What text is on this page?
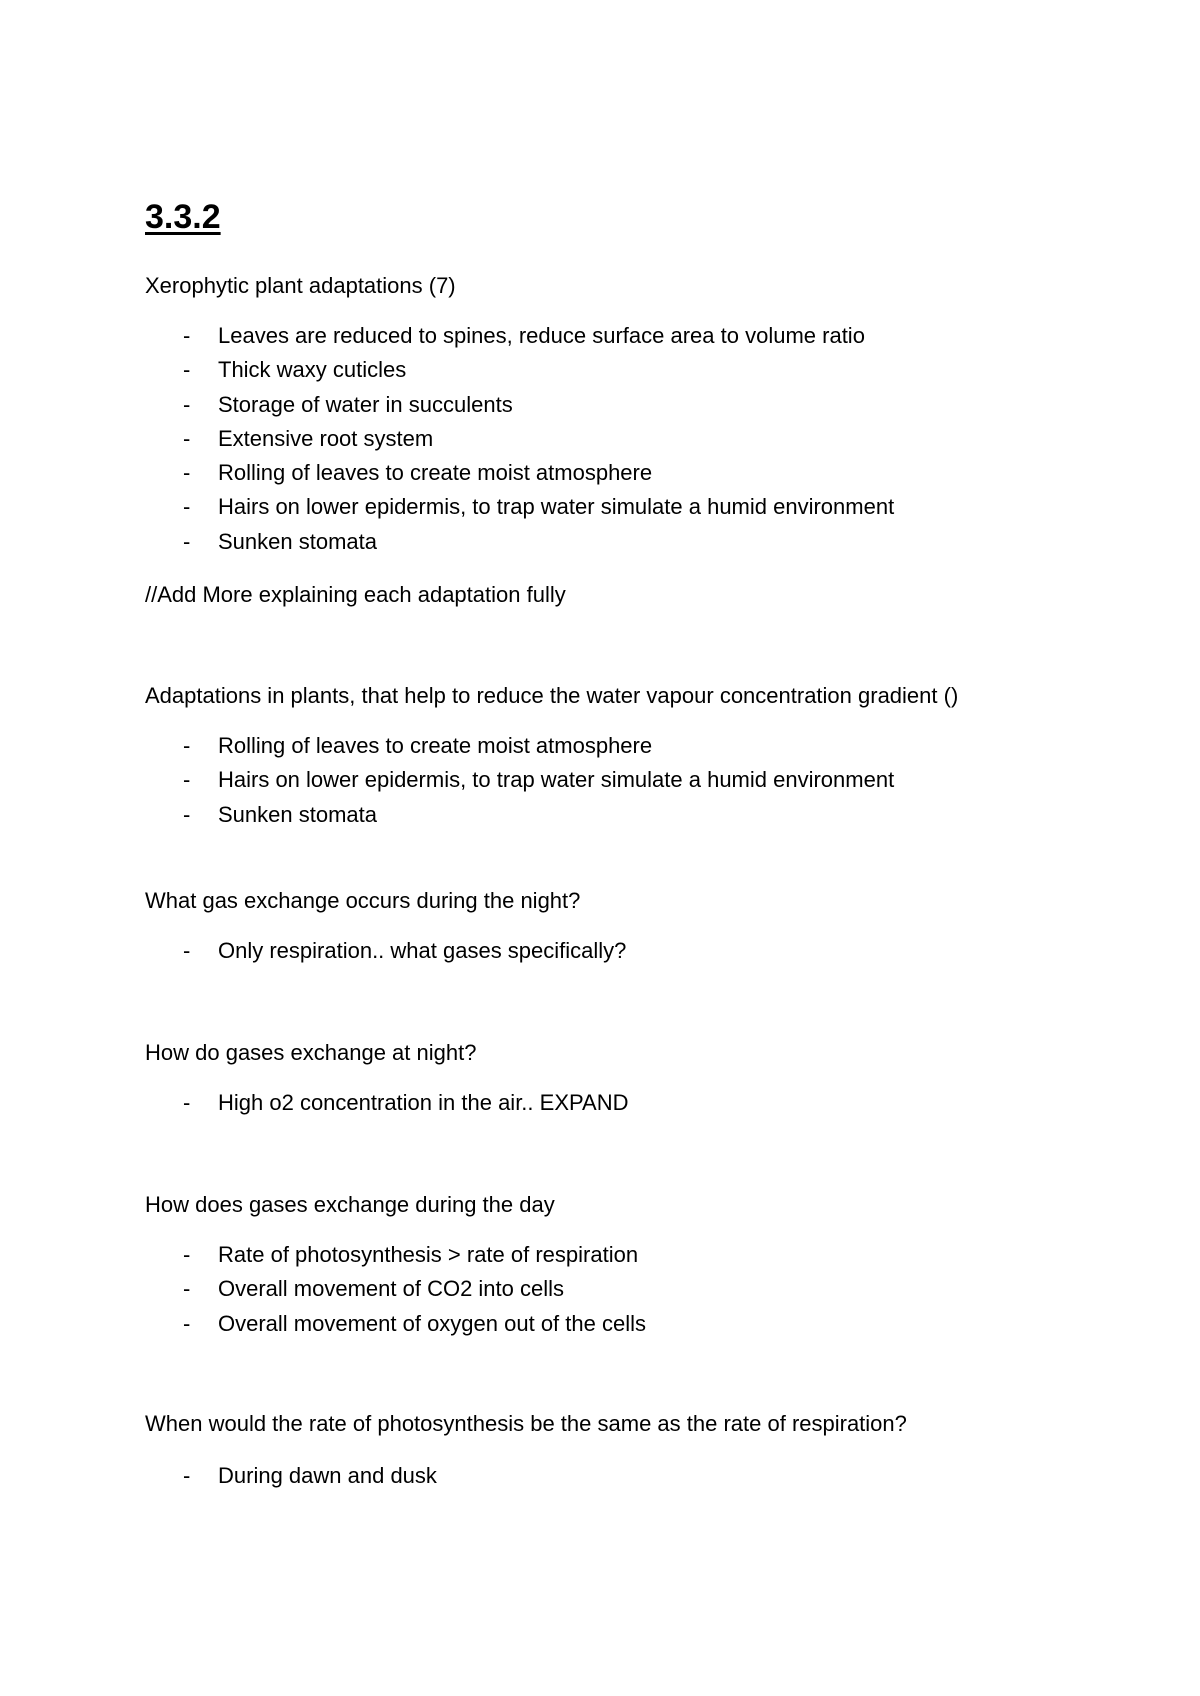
3.3.2
Xerophytic plant adaptations (7)
- Leaves are reduced to spines, reduce surface area to volume ratio
- Thick waxy cuticles
- Storage of water in succulents
- Extensive root system
- Rolling of leaves to create moist atmosphere
- Hairs on lower epidermis, to trap water simulate a humid environment
- Sunken stomata
//Add More explaining each adaptation fully
Adaptations in plants, that help to reduce the water vapour concentration gradient ()
- Rolling of leaves to create moist atmosphere
- Hairs on lower epidermis, to trap water simulate a humid environment
- Sunken stomata
What gas exchange occurs during the night?
- Only respiration.. what gases specifically?
How do gases exchange at night?
- High o2 concentration in the air.. EXPAND
How does gases exchange during the day
- Rate of photosynthesis > rate of respiration
- Overall movement of CO2 into cells
- Overall movement of oxygen out of the cells
When would the rate of photosynthesis be the same as the rate of respiration?
- During dawn and dusk
